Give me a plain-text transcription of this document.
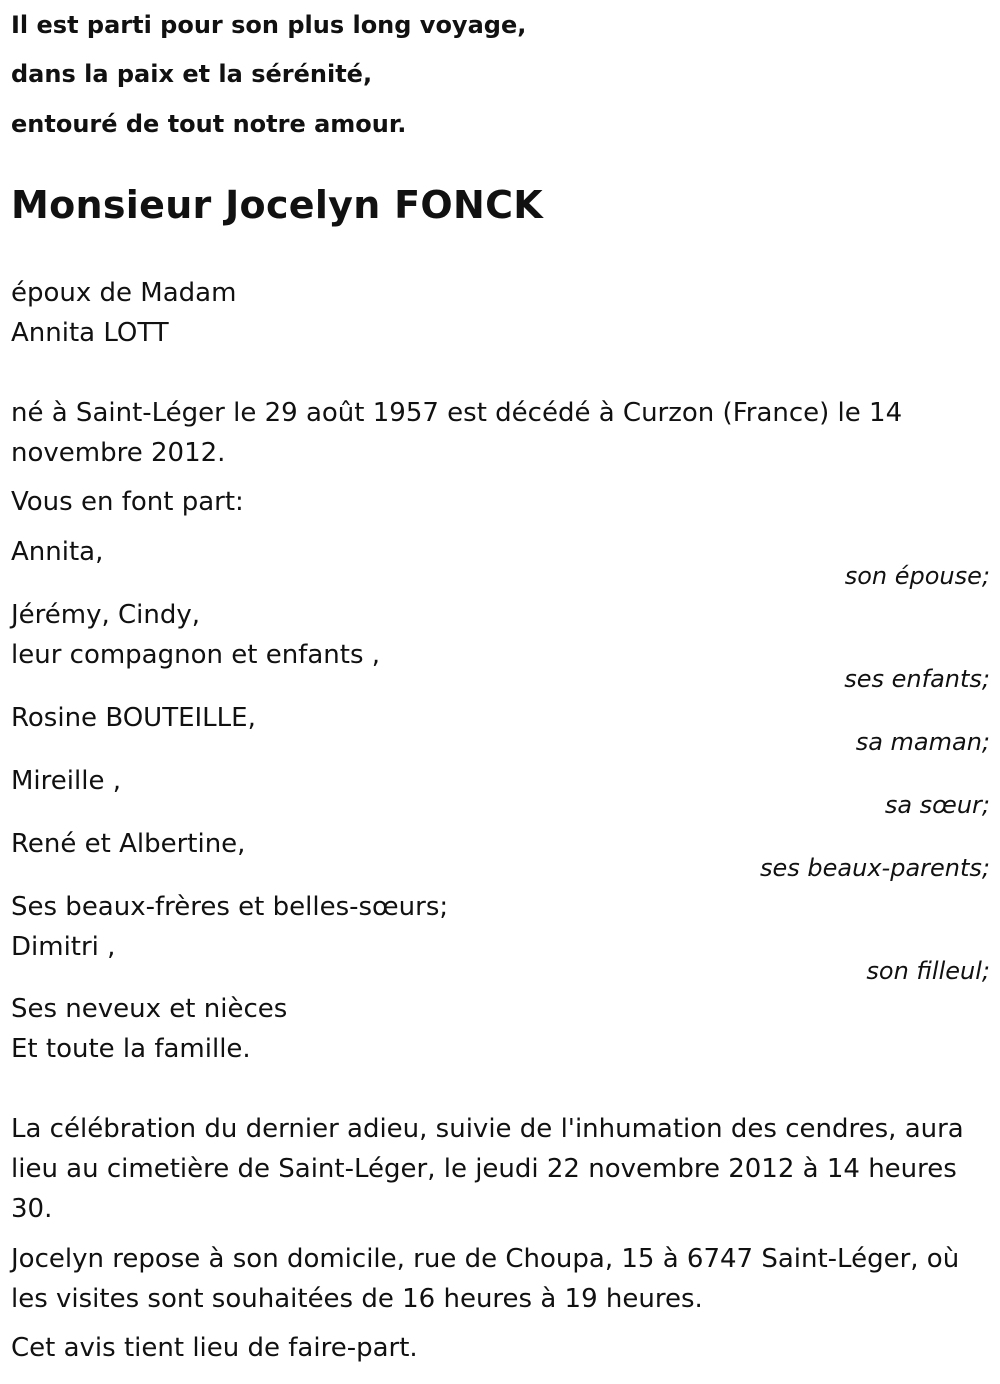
Il est parti pour son plus long voyage,
dans la paix et la sérénité,
entouré de tout notre amour.
Monsieur Jocelyn FONCK
époux de Madam
Annita LOTT
né à Saint-Léger le 29 août 1957 est décédé à Curzon (France) le 14
novembre 2012.
Vous en font part:
Annita,
son épouse;
Jérémy, Cindy,
leur compagnon et enfants ,
ses enfants;
Rosine BOUTEILLE,
sa maman;
Mireille ,
sa sœur;
René et Albertine,
ses beaux-parents;
Ses beaux-frères et belles-sœurs;
Dimitri ,
son filleul;
Ses neveux et nièces
Et toute la famille.
La célébration du dernier adieu, suivie de l'inhumation des cendres, aura
lieu au cimetière de Saint-Léger, le jeudi 22 novembre 2012 à 14 heures
30.
Jocelyn repose à son domicile, rue de Choupa, 15 à 6747 Saint-Léger, où
les visites sont souhaitées de 16 heures à 19 heures.
Cet avis tient lieu de faire-part.
